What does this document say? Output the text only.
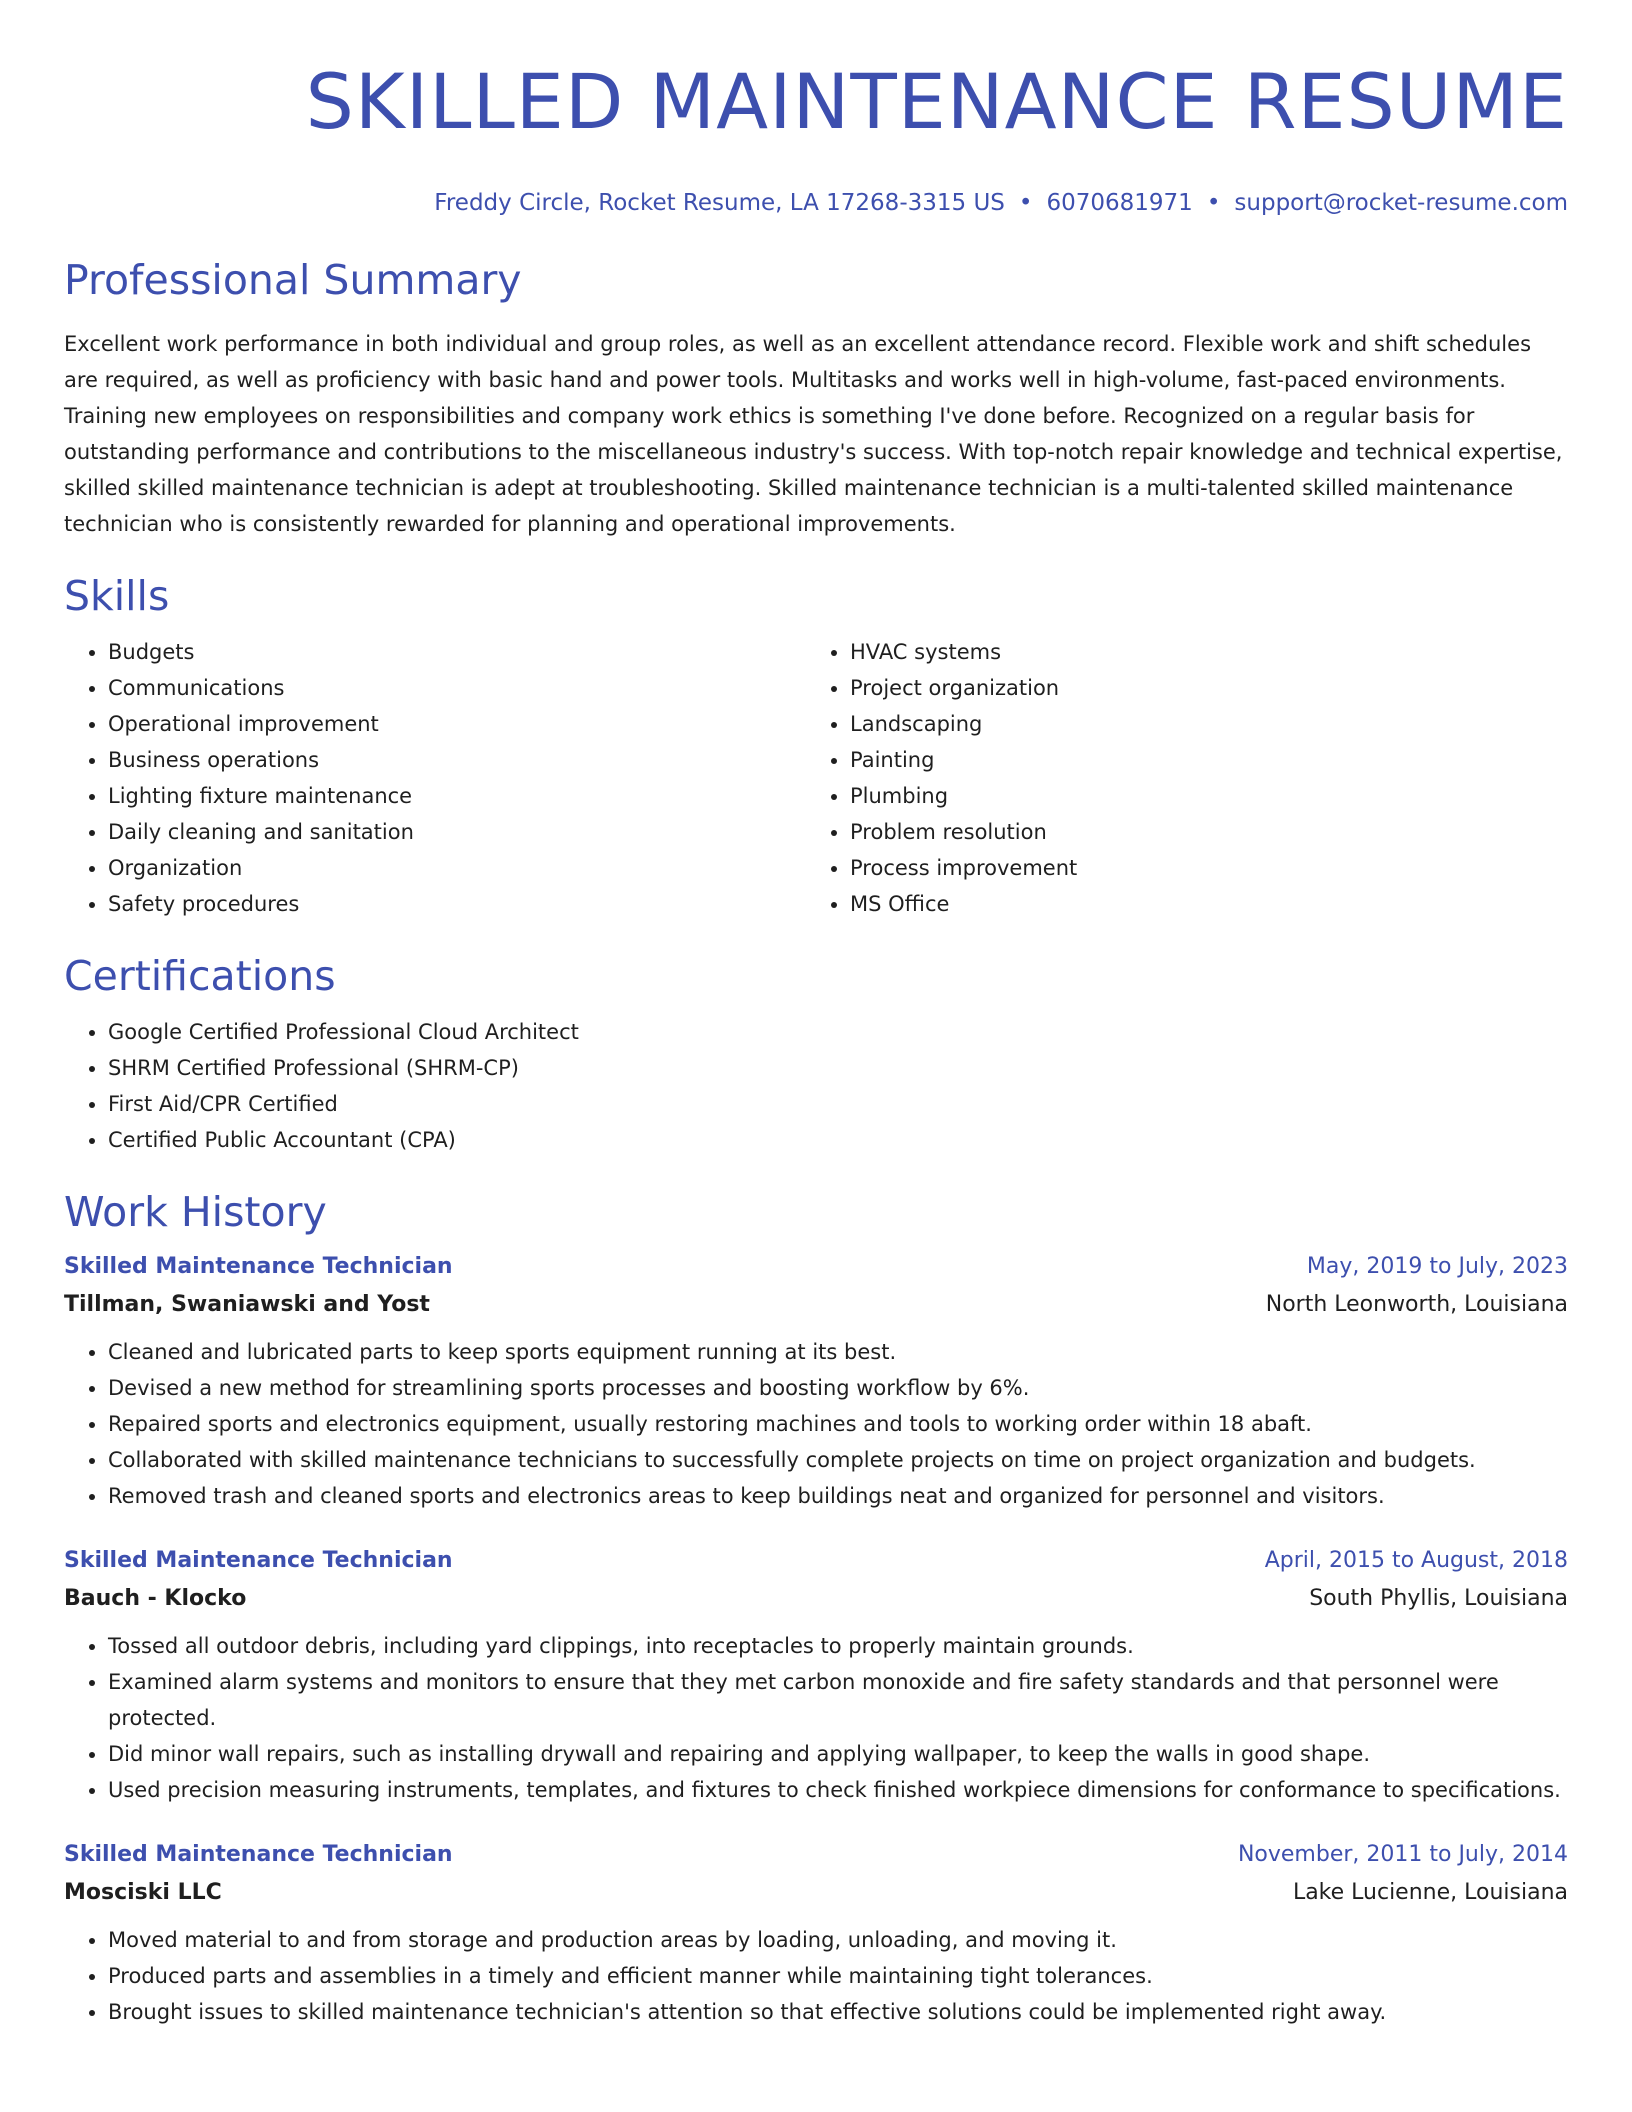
SKILLED MAINTENANCE RESUME
Freddy Circle, Rocket Resume, LA 17268-3315 US • 6070681971 • support@rocket-resume.com
Professional Summary

Excellent work performance in both individual and group roles, as well as an excellent attendance record. Flexible work and shift schedules are required, as well as proficiency with basic hand and power tools. Multitasks and works well in high-volume, fast-paced environments. Training new employees on responsibilities and company work ethics is something I've done before. Recognized on a regular basis for outstanding performance and contributions to the miscellaneous industry's success. With top-notch repair knowledge and technical expertise, skilled skilled maintenance technician is adept at troubleshooting. Skilled maintenance technician is a multi-talented skilled maintenance technician who is consistently rewarded for planning and operational improvements.

Skills
• Budgets
• Communications
• Operational improvement
• Business operations
• Lighting fixture maintenance
• Daily cleaning and sanitation
• Organization
• Safety procedures
• HVAC systems
• Project organization
• Landscaping
• Painting
• Plumbing
• Problem resolution
• Process improvement
• MS Office
Certifications
• Google Certified Professional Cloud Architect
• SHRM Certified Professional (SHRM-CP)
• First Aid/CPR Certified
• Certified Public Accountant (CPA)
Work History
Skilled Maintenance Technician	May, 2019 to July, 2023
Tillman, Swaniawski and Yost	North Leonworth, Louisiana
• Cleaned and lubricated parts to keep sports equipment running at its best.
• Devised a new method for streamlining sports processes and boosting workflow by 6%.
• Repaired sports and electronics equipment, usually restoring machines and tools to working order within 18 abaft.
• Collaborated with skilled maintenance technicians to successfully complete projects on time on project organization and budgets.
• Removed trash and cleaned sports and electronics areas to keep buildings neat and organized for personnel and visitors.
Skilled Maintenance Technician	April, 2015 to August, 2018
Bauch - Klocko	South Phyllis, Louisiana
• Tossed all outdoor debris, including yard clippings, into receptacles to properly maintain grounds.
• Examined alarm systems and monitors to ensure that they met carbon monoxide and fire safety standards and that personnel were protected.
• Did minor wall repairs, such as installing drywall and repairing and applying wallpaper, to keep the walls in good shape.
• Used precision measuring instruments, templates, and fixtures to check finished workpiece dimensions for conformance to specifications.
Skilled Maintenance Technician	November, 2011 to July, 2014
Mosciski LLC	Lake Lucienne, Louisiana
• Moved material to and from storage and production areas by loading, unloading, and moving it.
• Produced parts and assemblies in a timely and efficient manner while maintaining tight tolerances.
• Brought issues to skilled maintenance technician's attention so that effective solutions could be implemented right away.
